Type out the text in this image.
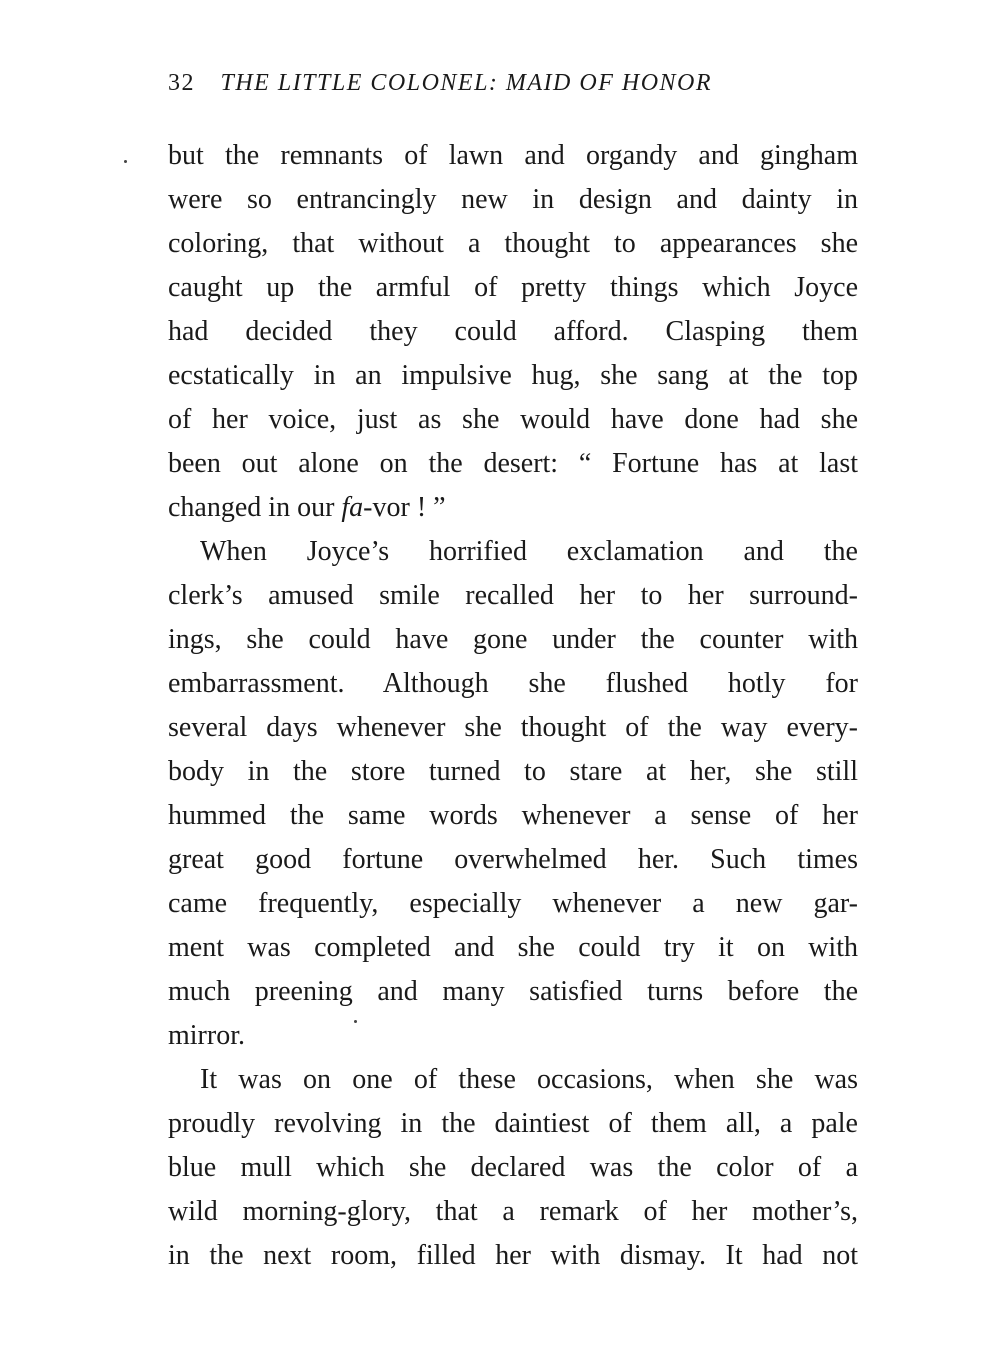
32 THE LITTLE COLONEL: MAID OF HONOR
but the remnants of lawn and organdy and gingham
were so entrancingly new in design and dainty in
coloring, that without a thought to appearances she
caught up the armful of pretty things which Joyce
had decided they could afford. Clasping them
ecstatically in an impulsive hug, she sang at the top
of her voice, just as she would have done had she
been out alone on the desert: “ Fortune has at last
changed in our fa-vor ! ”
When Joyce’s horrified exclamation and the
clerk’s amused smile recalled her to her surround-
ings, she could have gone under the counter with
embarrassment. Although she flushed hotly for
several days whenever she thought of the way every-
body in the store turned to stare at her, she still
hummed the same words whenever a sense of her
great good fortune overwhelmed her. Such times
came frequently, especially whenever a new gar-
ment was completed and she could try it on with
much preening and many satisfied turns before the
mirror.
It was on one of these occasions, when she was
proudly revolving in the daintiest of them all, a pale
blue mull which she declared was the color of a
wild morning-glory, that a remark of her mother’s,
in the next room, filled her with dismay. It had not
